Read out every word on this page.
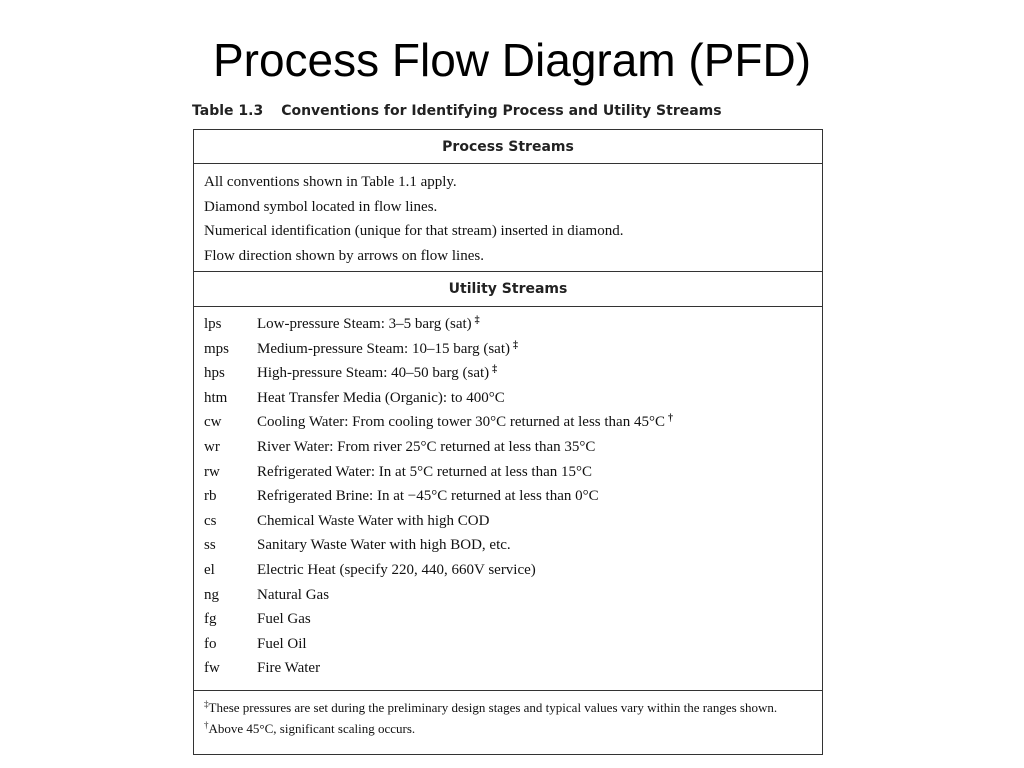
Process Flow Diagram (PFD)
Table 1.3 Conventions for Identifying Process and Utility Streams
Process Streams
All conventions shown in Table 1.1 apply.
Diamond symbol located in flow lines.
Numerical identification (unique for that stream) inserted in diamond.
Flow direction shown by arrows on flow lines.
Utility Streams
lps	Low-pressure Steam: 3–5 barg (sat) ‡
mps	Medium-pressure Steam: 10–15 barg (sat) ‡
hps	High-pressure Steam: 40–50 barg (sat) ‡
htm	Heat Transfer Media (Organic): to 400°C
cw	Cooling Water: From cooling tower 30°C returned at less than 45°C †
wr	River Water: From river 25°C returned at less than 35°C
rw	Refrigerated Water: In at 5°C returned at less than 15°C
rb	Refrigerated Brine: In at −45°C returned at less than 0°C
cs	Chemical Waste Water with high COD
ss	Sanitary Waste Water with high BOD, etc.
el	Electric Heat (specify 220, 440, 660V service)
ng	Natural Gas
fg	Fuel Gas
fo	Fuel Oil
fw	Fire Water
‡These pressures are set during the preliminary design stages and typical values vary within the ranges shown.
†Above 45°C, significant scaling occurs.
